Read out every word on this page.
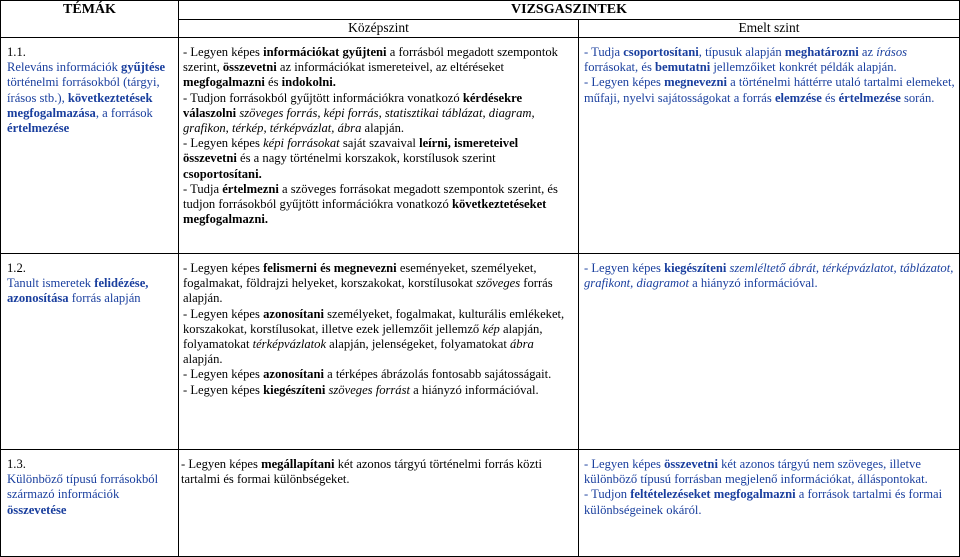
TÉMÁK	VIZSGASZINTEK
Középszint	Emelt szint
1.1.
Releváns információk gyűjtése történelmi forrásokból (tárgyi, írásos stb.), következtetések megfogalmazása, a források értelmezése
- Legyen képes információkat gyűjteni a forrásból megadott szempontok szerint, összevetni az információkat ismereteivel, az eltéréseket megfogalmazni és indokolni.
- Tudjon forrásokból gyűjtött információkra vonatkozó kérdésekre válaszolni szöveges forrás, képi forrás, statisztikai táblázat, diagram, grafikon, térkép, térképvázlat, ábra alapján.
- Legyen képes képi forrásokat saját szavaival leírni, ismereteivel összevetni és a nagy történelmi korszakok, korstílusok szerint csoportosítani.
- Tudja értelmezni a szöveges forrásokat megadott szempontok szerint, és tudjon forrásokból gyűjtött információkra vonatkozó következtetéseket megfogalmazni.
- Tudja csoportosítani, típusuk alapján meghatározni az írásos forrásokat, és bemutatni jellemzőiket konkrét példák alapján.
- Legyen képes megnevezni a történelmi háttérre utaló tartalmi elemeket, műfaji, nyelvi sajátosságokat a forrás elemzése és értelmezése során.
1.2.
Tanult ismeretek felidézése, azonosítása forrás alapján
- Legyen képes felismerni és megnevezni eseményeket, személyeket, fogalmakat, földrajzi helyeket, korszakokat, korstílusokat szöveges forrás alapján.
- Legyen képes azonosítani személyeket, fogalmakat, kulturális emlékeket, korszakokat, korstílusokat, illetve ezek jellemzőit jellemző kép alapján, folyamatokat térképvázlatok alapján, jelenségeket, folyamatokat ábra alapján.
- Legyen képes azonosítani a térképes ábrázolás fontosabb sajátosságait.
- Legyen képes kiegészíteni szöveges forrást a hiányzó információval.
- Legyen képes kiegészíteni szemléltető ábrát, térképvázlatot, táblázatot, grafikont, diagramot a hiányzó információval.
1.3.
Különböző típusú forrásokból származó információk összevetése
- Legyen képes megállapítani két azonos tárgyú történelmi forrás közti tartalmi és formai különbségeket.
- Legyen képes összevetni két azonos tárgyú nem szöveges, illetve különböző típusú forrásban megjelenő információkat, álláspontokat.
- Tudjon feltételezéseket megfogalmazni a források tartalmi és formai különbségeinek okáról.
